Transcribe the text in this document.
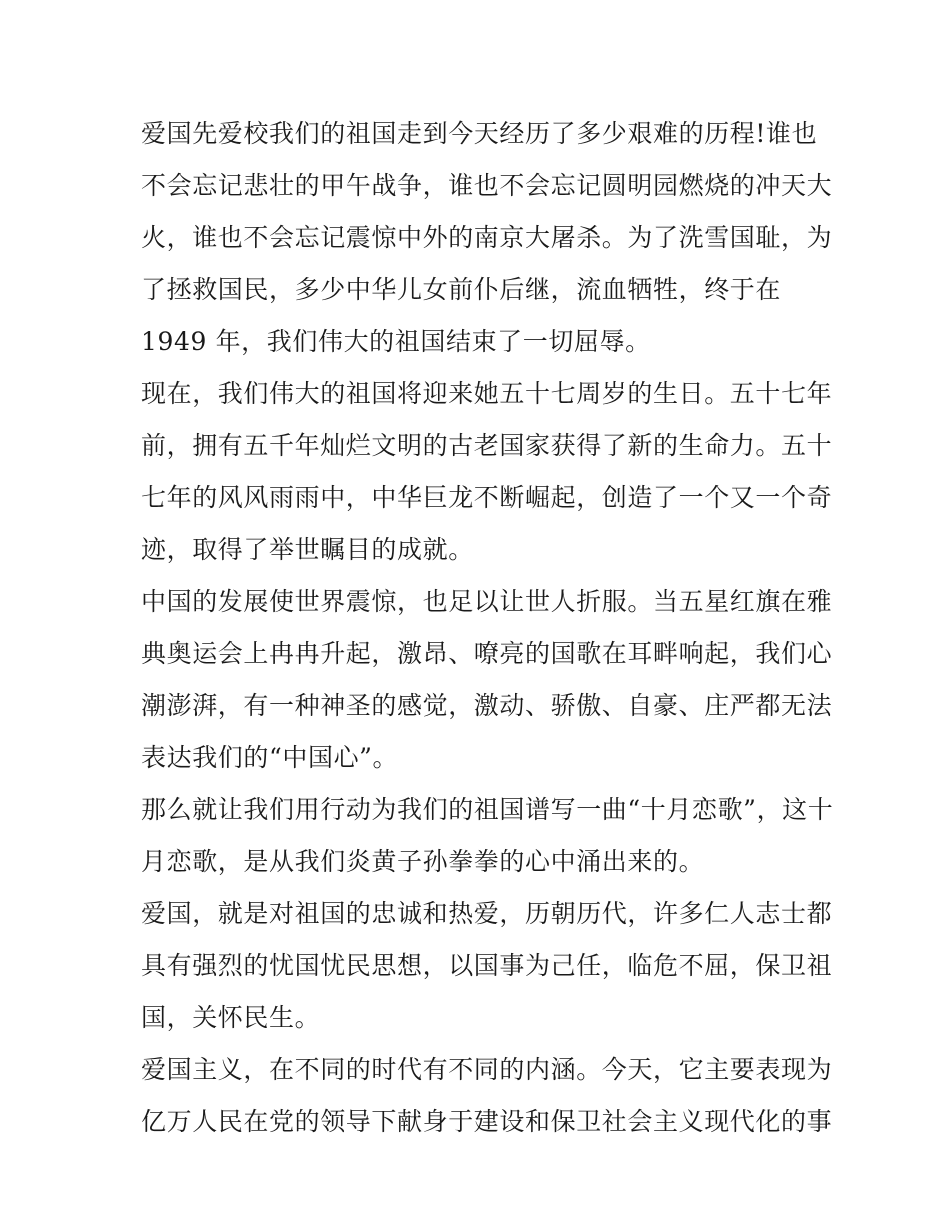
爱国先爱校我们的祖国走到今天经历了多少艰难的历程!谁也
不会忘记悲壮的甲午战争，谁也不会忘记圆明园燃烧的冲天大
火，谁也不会忘记震惊中外的南京大屠杀。为了洗雪国耻，为
了拯救国民，多少中华儿女前仆后继，流血牺牲，终于在
1949 年，我们伟大的祖国结束了一切屈辱。
现在，我们伟大的祖国将迎来她五十七周岁的生日。五十七年
前，拥有五千年灿烂文明的古老国家获得了新的生命力。五十
七年的风风雨雨中，中华巨龙不断崛起，创造了一个又一个奇
迹，取得了举世瞩目的成就。
中国的发展使世界震惊，也足以让世人折服。当五星红旗在雅
典奥运会上冉冉升起，激昂、嘹亮的国歌在耳畔响起，我们心
潮澎湃，有一种神圣的感觉，激动、骄傲、自豪、庄严都无法
表达我们的“中国心”。
那么就让我们用行动为我们的祖国谱写一曲“十月恋歌”，这十
月恋歌，是从我们炎黄子孙拳拳的心中涌出来的。
爱国，就是对祖国的忠诚和热爱，历朝历代，许多仁人志士都
具有强烈的忧国忧民思想，以国事为己任，临危不屈，保卫祖
国，关怀民生。
爱国主义，在不同的时代有不同的内涵。今天，它主要表现为
亿万人民在党的领导下献身于建设和保卫社会主义现代化的事
